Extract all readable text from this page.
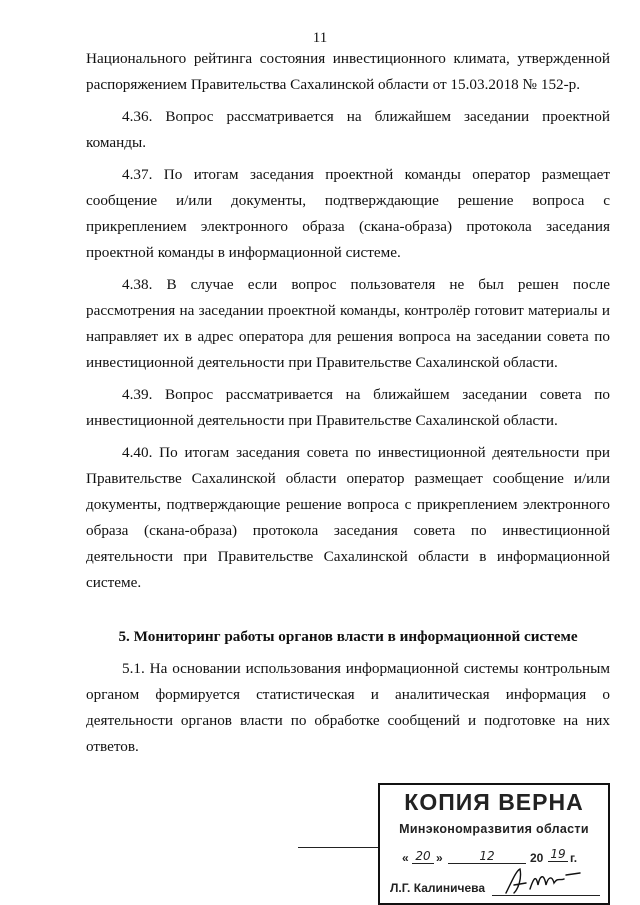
11

Национального рейтинга состояния инвестиционного климата, утвержденной распоряжением Правительства Сахалинской области от 15.03.2018 № 152-р.

4.36. Вопрос рассматривается на ближайшем заседании проектной команды.

4.37. По итогам заседания проектной команды оператор размещает сообщение и/или документы, подтверждающие решение вопроса с прикреплением электронного образа (скана-образа) протокола заседания проектной команды в информационной системе.

4.38. В случае если вопрос пользователя не был решен после рассмотрения на заседании проектной команды, контролёр готовит материалы и направляет их в адрес оператора для решения вопроса на заседании совета по инвестиционной деятельности при Правительстве Сахалинской области.

4.39. Вопрос рассматривается на ближайшем заседании совета по инвестиционной деятельности при Правительстве Сахалинской области.

4.40. По итогам заседания совета по инвестиционной деятельности при Правительстве Сахалинской области оператор размещает сообщение и/или документы, подтверждающие решение вопроса с прикреплением электронного образа (скана-образа) протокола заседания совета по инвестиционной деятельности при Правительстве Сахалинской области в информационной системе.

5. Мониторинг работы органов власти в информационной системе

5.1. На основании использования информационной системы контрольным органом формируется статистическая и аналитическая информация о деятельности органов власти по обработке сообщений и подготовке на них ответов.

КОПИЯ ВЕРНА
Минэкономразвития области
« 20 »	12	20 19 г.
Л.Г. Калиничева
